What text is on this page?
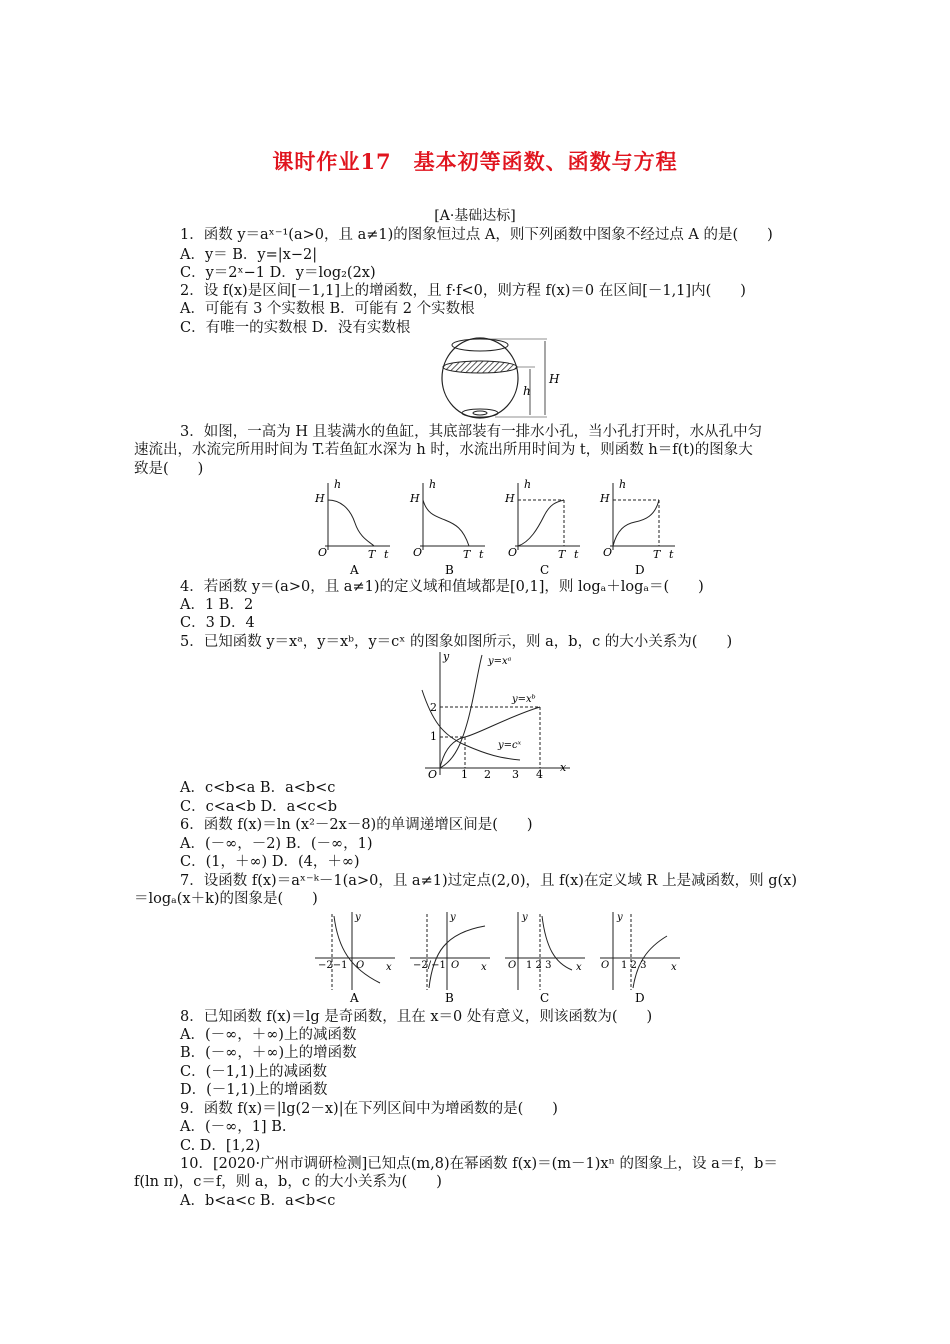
课时作业17　基本初等函数、函数与方程
[A·基础达标]
1．函数 y＝aˣ⁻¹(a>0，且 a≠1)的图象恒过点 A，则下列函数中图象不经过点 A 的是(　　)
A．y＝ B．y=|x−2|
C．y＝2ˣ−1 D．y＝log₂(2x)
2．设 f(x)是区间[－1,1]上的增函数，且 f·f<0，则方程 f(x)＝0 在区间[－1,1]内(　　)
A．可能有 3 个实数根 B．可能有 2 个实数根
C．有唯一的实数根 D．没有实数根
H
h
3．如图，一高为 H 且装满水的鱼缸，其底部装有一排水小孔，当小孔打开时，水从孔中匀
速流出，水流完所用时间为 T.若鱼缸水深为 h 时，水流出所用时间为 t，则函数 h＝f(t)的图象大
致是(　　)
H
h
O	T t
A
H
h
O	T t
B
H
h
O	T t
C
H
h
O	T t
D
4．若函数 y＝(a>0，且 a≠1)的定义域和值域都是[0,1]，则 logₐ＋logₐ＝(　　)
A．1 B．2
C．3 D．4
5．已知函数 y＝xᵃ，y＝xᵇ，y＝cˣ 的图象如图所示，则 a，b，c 的大小关系为(　　)
y=xᵃ
y=xᵇ
y=cˣ
y
x
O 1 2 3 4
1
2
A．c<b<a B．a<b<c
C．c<a<b D．a<c<b
6．函数 f(x)＝ln (x²－2x－8)的单调递增区间是(　　)
A．(－∞，－2) B．(－∞，1)
C．(1，＋∞) D．(4，＋∞)
7．设函数 f(x)＝aˣ⁻ᵏ－1(a>0，且 a≠1)过定点(2,0)，且 f(x)在定义域 R 上是减函数，则 g(x)
＝logₐ(x＋k)的图象是(　　)
y
x
−2−1 O
A
y
x
−2/−1 O
B
y
x
O 1 2 3
C
y
x
O 1 2 3
D
8．已知函数 f(x)＝lg 是奇函数，且在 x＝0 处有意义，则该函数为(　　)
A．(－∞，＋∞)上的减函数
B．(－∞，＋∞)上的增函数
C．(－1,1)上的减函数
D．(－1,1)上的增函数
9．函数 f(x)＝|lg(2－x)|在下列区间中为增函数的是(　　)
A．(－∞，1] B.
C. D．[1,2)
10．[2020·广州市调研检测]已知点(m,8)在幂函数 f(x)＝(m－1)xⁿ 的图象上，设 a＝f，b＝
f(ln π)，c＝f，则 a，b，c 的大小关系为(　　)
A．b<a<c B．a<b<c
